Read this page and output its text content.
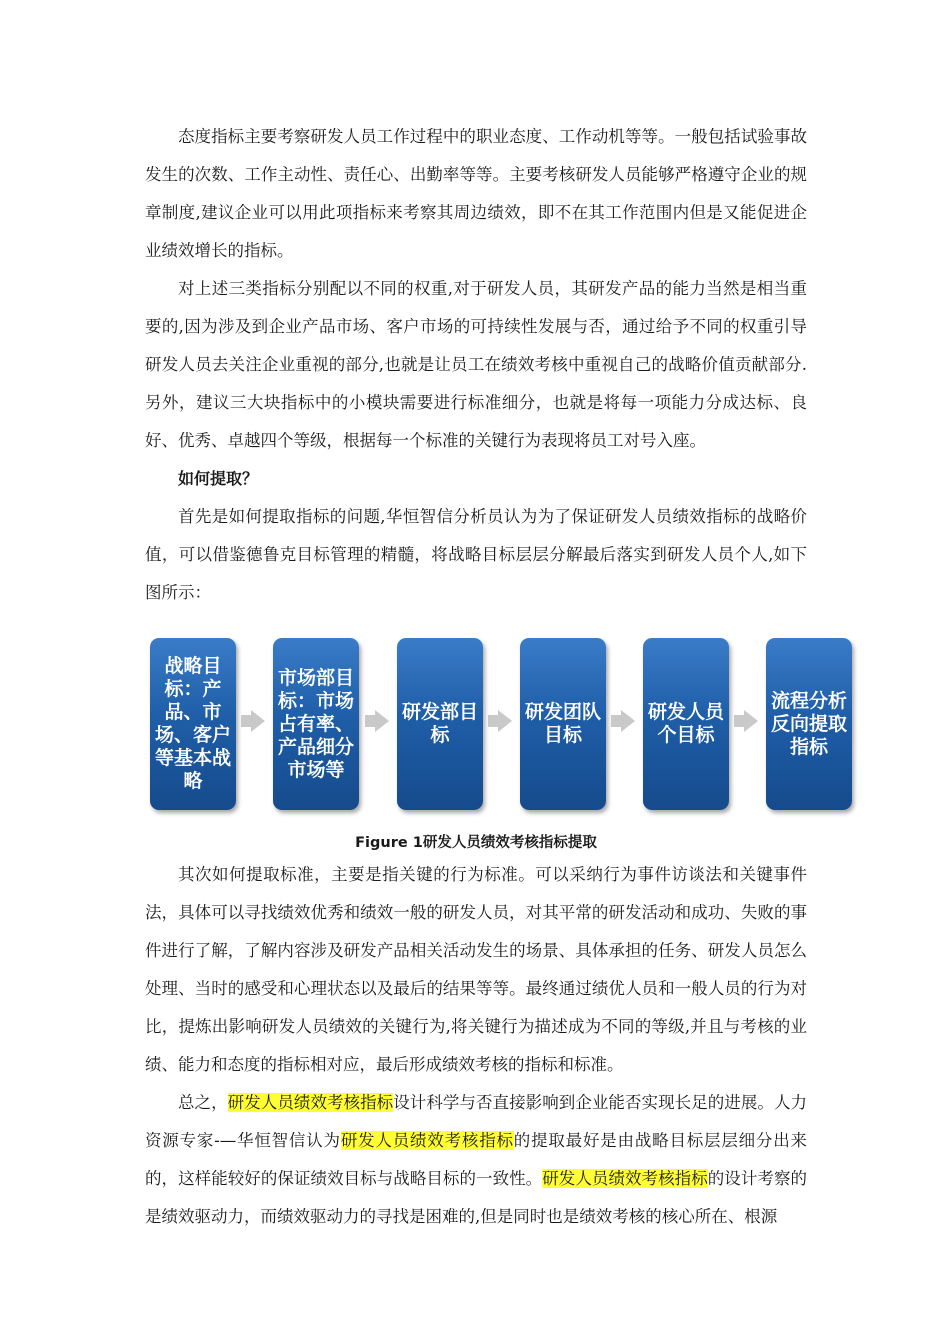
态度指标主要考察研发人员工作过程中的职业态度、工作动机等等。一般包括试验事故发生的次数、工作主动性、责任心、出勤率等等。主要考核研发人员能够严格遵守企业的规章制度,建议企业可以用此项指标来考察其周边绩效，即不在其工作范围内但是又能促进企业绩效增长的指标。

对上述三类指标分别配以不同的权重,对于研发人员，其研发产品的能力当然是相当重要的,因为涉及到企业产品市场、客户市场的可持续性发展与否，通过给予不同的权重引导研发人员去关注企业重视的部分,也就是让员工在绩效考核中重视自己的战略价值贡献部分.另外，建议三大块指标中的小模块需要进行标准细分，也就是将每一项能力分成达标、良好、优秀、卓越四个等级，根据每一个标准的关键行为表现将员工对号入座。

如何提取？

首先是如何提取指标的问题,华恒智信分析员认为为了保证研发人员绩效指标的战略价值，可以借鉴德鲁克目标管理的精髓，将战略目标层层分解最后落实到研发人员个人,如下图所示：

战略目标：产品、市场、客户等基本战略
市场部目标：市场占有率、产品细分市场等
研发部目标
研发团队目标
研发人员个目标
流程分析反向提取指标
Figure 1研发人员绩效考核指标提取

其次如何提取标准，主要是指关键的行为标准。可以采纳行为事件访谈法和关键事件法，具体可以寻找绩效优秀和绩效一般的研发人员，对其平常的研发活动和成功、失败的事件进行了解，了解内容涉及研发产品相关活动发生的场景、具体承担的任务、研发人员怎么处理、当时的感受和心理状态以及最后的结果等等。最终通过绩优人员和一般人员的行为对比，提炼出影响研发人员绩效的关键行为,将关键行为描述成为不同的等级,并且与考核的业绩、能力和态度的指标相对应，最后形成绩效考核的指标和标准。

总之，研发人员绩效考核指标设计科学与否直接影响到企业能否实现长足的进展。人力资源专家-—华恒智信认为研发人员绩效考核指标的提取最好是由战略目标层层细分出来的，这样能较好的保证绩效目标与战略目标的一致性。研发人员绩效考核指标的设计考察的是绩效驱动力，而绩效驱动力的寻找是困难的,但是同时也是绩效考核的核心所在、根源
